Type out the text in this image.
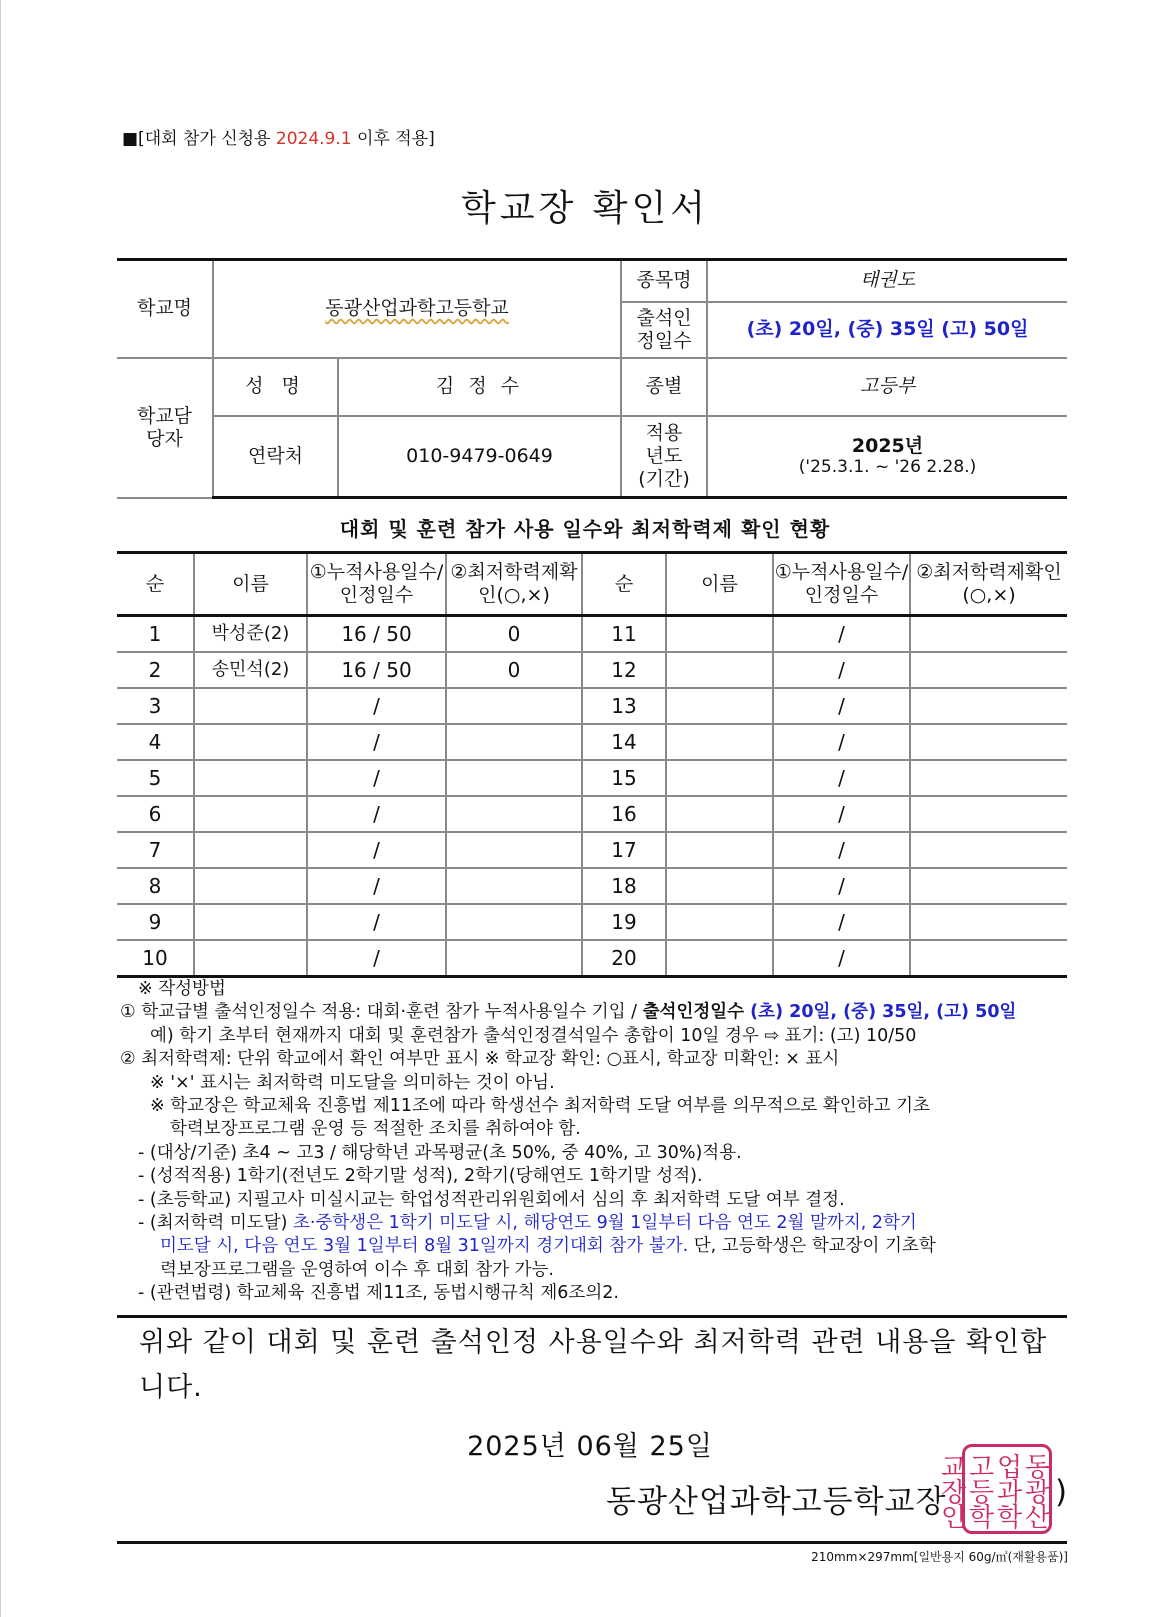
■[대회 참가 신청용 2024.9.1 이후 적용]
학교장 확인서
학교명	동광산업과학고등학교		종목명	태권도
			출석인정일수	(초) 20일, (중) 35일 (고) 50일
학교담당자	성 명	김 정 수	종별	고등부
	연락처	010-9479-0649	적용년도(기간)	2025년
('25.3.1. ~ '26 2.28.)
대회 및 훈련 참가 사용 일수와 최저학력제 확인 현황
순	이름	①누적사용일수/인정일수	②최저학력제확인(○,×)	순	이름	①누적사용일수/인정일수	②최저학력제확인(○,×)
1	박성준(2)	16 / 50	0	11		/	
2	송민석(2)	16 / 50	0	12		/	
3		/		13		/	
4		/		14		/	
5		/		15		/	
6		/		16		/	
7		/		17		/	
8		/		18		/	
9		/		19		/	
10		/		20		/	
※ 작성방법
① 학교급별 출석인정일수 적용: 대회·훈련 참가 누적사용일수 기입 / 출석인정일수 (초) 20일, (중) 35일, (고) 50일
예) 학기 초부터 현재까지 대회 및 훈련참가 출석인정결석일수 총합이 10일 경우 ⇨ 표기: (고) 10/50
② 최저학력제: 단위 학교에서 확인 여부만 표시 ※ 학교장 확인: ○표시, 학교장 미확인: × 표시
※ '×' 표시는 최저학력 미도달을 의미하는 것이 아님.
※ 학교장은 학교체육 진흥법 제11조에 따라 학생선수 최저학력 도달 여부를 의무적으로 확인하고 기초
학력보장프로그램 운영 등 적절한 조치를 취하여야 함.
- (대상/기준) 초4 ~ 고3 / 해당학년 과목평균(초 50%, 중 40%, 고 30%)적용.
- (성적적용) 1학기(전년도 2학기말 성적), 2학기(당해연도 1학기말 성적).
- (초등학교) 지필고사 미실시교는 학업성적관리위원회에서 심의 후 최저학력 도달 여부 결정.
- (최저학력 미도달) 초·중학생은 1학기 미도달 시, 해당연도 9월 1일부터 다음 연도 2월 말까지, 2학기
미도달 시, 다음 연도 3월 1일부터 8월 31일까지 경기대회 참가 불가. 단, 고등학생은 학교장이 기초학
력보장프로그램을 운영하여 이수 후 대회 참가 가능.
- (관련법령) 학교체육 진흥법 제11조, 동법시행규칙 제6조의2.
위와 같이 대회 및 훈련 출석인정 사용일수와 최저학력 관련 내용을 확인합니다.
2025년 06월 25일
동광산업과학고등학교장	동광산업과학고등학교장인	)
210mm×297mm[일반용지 60g/㎡(재활용품)]
